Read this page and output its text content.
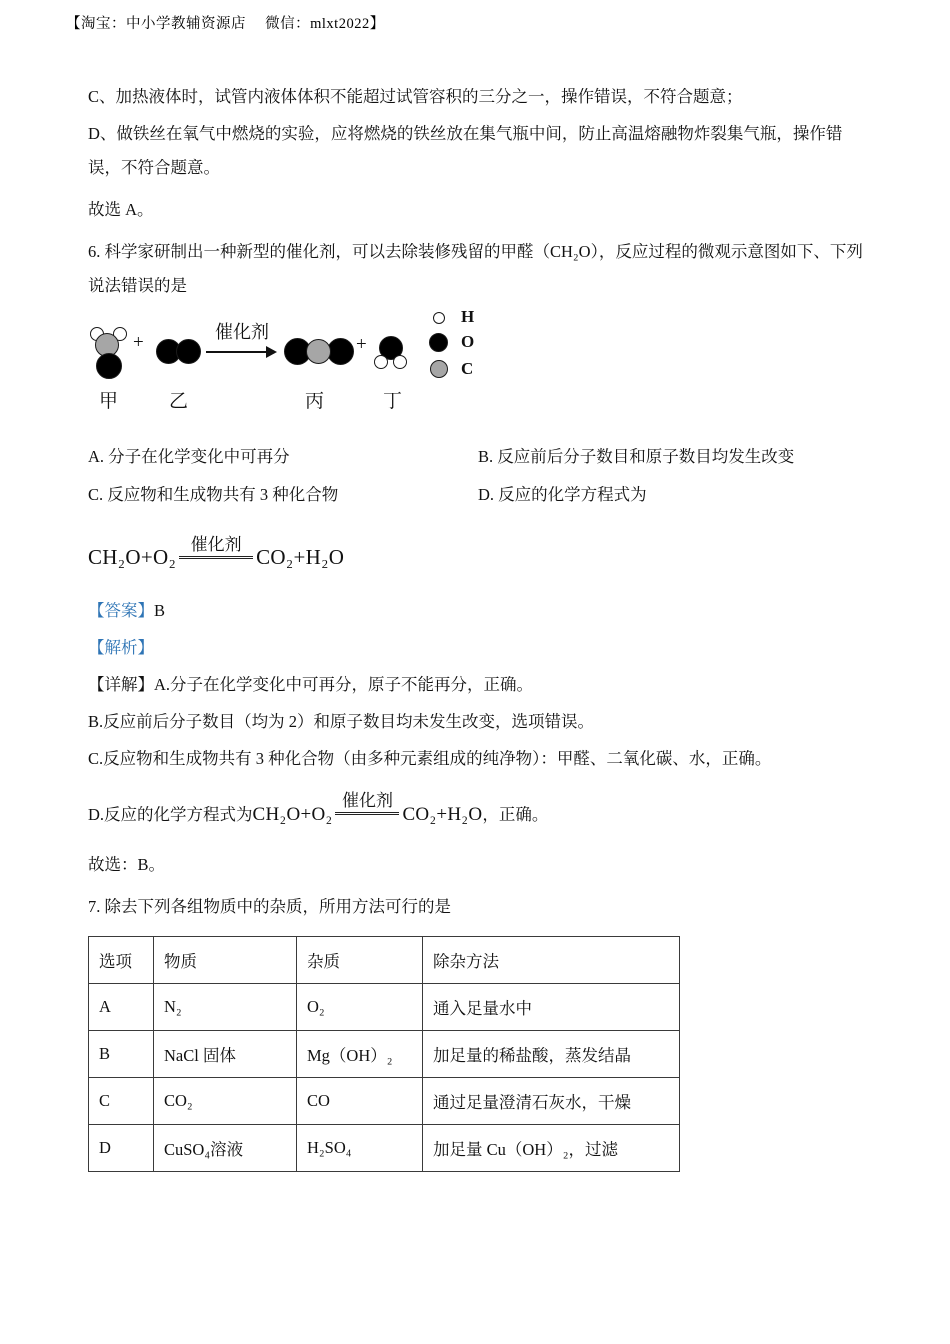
【淘宝：中小学教辅资源店　 微信：mlxt2022】

C、加热液体时，试管内液体体积不能超过试管容积的三分之一，操作错误，不符合题意；

D、做铁丝在氧气中燃烧的实验，应将燃烧的铁丝放在集气瓶中间，防止高温熔融物炸裂集气瓶，操作错误，不符合题意。

故选 A。

6. 科学家研制出一种新型的催化剂，可以去除装修残留的甲醛（CH₂O），反应过程的微观示意图如下、下列说法错误的是

+	催化剂
+
甲	乙	丙	丁
H
O
C
A. 分子在化学变化中可再分	B. 反应前后分子数目和原子数目均发生改变
C. 反应物和生成物共有 3 种化合物	D. 反应的化学方程式为
CH₂O+O₂
催化剂
CO₂+H₂O

【答案】B

【解析】

【详解】A.分子在化学变化中可再分，原子不能再分，正确。

B.反应前后分子数目（均为 2）和原子数目均未发生改变，选项错误。

C.反应物和生成物共有 3 种化合物（由多种元素组成的纯净物）：甲醛、二氧化碳、水，正确。

D.反应的化学方程式为CH₂O+O₂
催化剂
CO₂+H₂O，正确。

故选：B。

7. 除去下列各组物质中的杂质，所用方法可行的是

选项	物质	杂质	除杂方法
A	N₂	O₂	通入足量水中
B	NaCl 固体	Mg（OH）₂	加足量的稀盐酸，蒸发结晶
C	CO₂	CO	通过足量澄清石灰水，干燥
D	CuSO₄溶液	H₂SO₄	加足量 Cu（OH）₂，过滤
